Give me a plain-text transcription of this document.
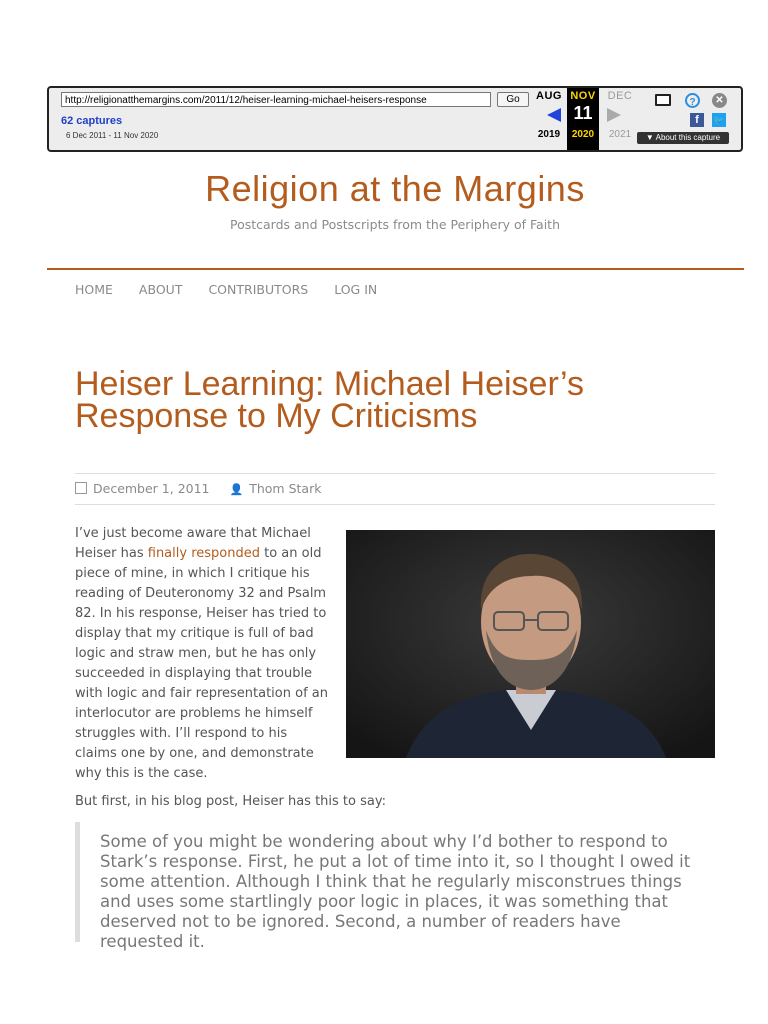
http://religionatthemargins.com/2011/12/heiser-learning-michael-heisers-response	Go
62 captures
6 Dec 2011 - 11 Nov 2020
AUG
2019
NOV
11
2020
DEC
2021
?	✕
f	🐦
▼ About this capture
Religion at the Margins
Postcards and Postscripts from the Periphery of Faith
HOME ABOUT CONTRIBUTORS LOG IN
Heiser Learning: Michael Heiser’s Response to My Criticisms
December 1, 2011 👤 Thom Stark
I’ve just become aware that Michael Heiser has finally responded to an old piece of mine, in which I critique his reading of Deuteronomy 32 and Psalm 82. In his response, Heiser has tried to display that my critique is full of bad logic and straw men, but he has only succeeded in displaying that trouble with logic and fair representation of an interlocutor are problems he himself struggles with. I’ll respond to his claims one by one, and demonstrate why this is the case.
But first, in his blog post, Heiser has this to say:
Some of you might be wondering about why I’d bother to respond to Stark’s response. First, he put a lot of time into it, so I thought I owed it some attention. Although I think that he regularly misconstrues things and uses some startlingly poor logic in places, it was something that deserved not to be ignored. Second, a number of readers have requested it.
